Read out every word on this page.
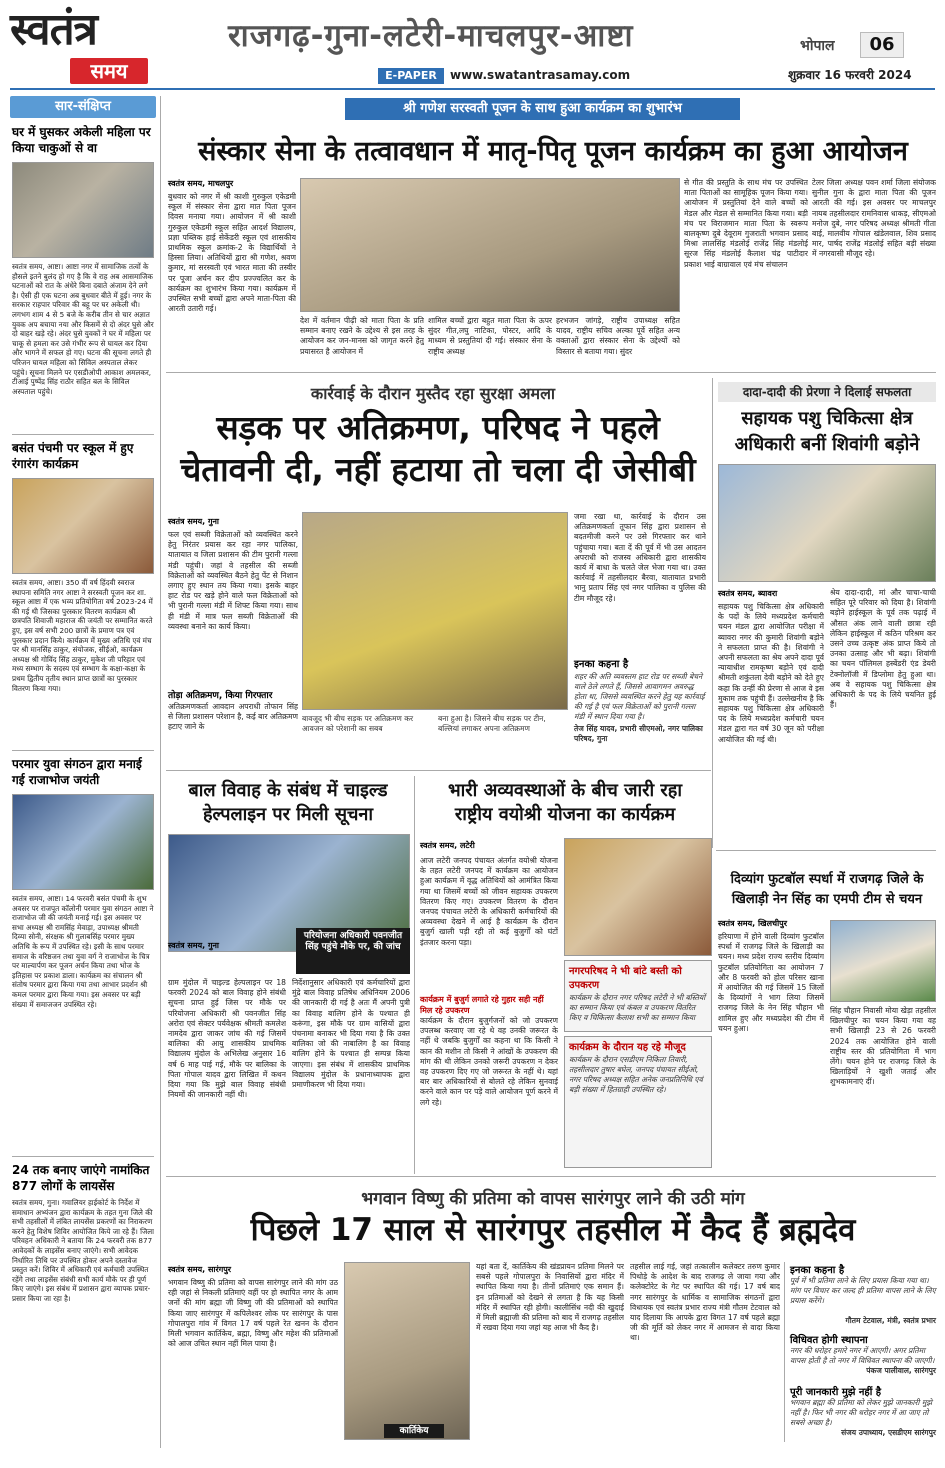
स्वतंत्र
समय
राजगढ़-गुना-लटेरी-माचलपुर-आष्टा
E-PAPER	www.swatantrasamay.com
भोपाल	06
शुक्रवार 16 फरवरी 2024
सार-संक्षिप्त
घर में घुसकर अकेली महिला पर किया चाकुओं से वा
स्वतंत्र समय, आष्टा। आष्टा नगर में सामाजिक तत्वों के हौसले इतने बुलंद हो गए है कि वे राह अब आसमाजिक घटनाओं को रात के अंधेरे बिना दबाते अंजाम देने लगे है। ऐसी ही एक घटना अब बुधवार बीते में हुई। नगर के सरकार राहपार परिवार की बहू पर घर अकेली थी। लगभग शाम 4 से 5 बजे के करीब तीन से चार अज्ञात युवक अप बचाया नया और किसमें से दो अंदर घुसे और दो बाहर खड़े रहे। अंदर घुसे युवकों ने घर में महिला पर चाकू से हमला कर उसे गंभीर रूप से घायल कर दिया और भागने में सफल हो गए। घटना की सूचना लगते ही परिजन घायल महिला को सिविल अस्पताल लेकर पहुंचे। सूचना मिलने पर एसडीओपी आकाश अमलकर, टीआई पुष्पेंद्र सिंह राठौर सहित बल के सिविल अस्पताल पहुंचे।
बसंत पंचमी पर स्कूल में हुए रंगारंग कार्यक्रम
स्वतंत्र समय, आष्टा। 350 वीं वर्ष हिंदवी स्वराज स्थापना समिति नगर आष्टा ने सरस्वती पूजन कर शा. स्कूल आष्टा में एक भव्य प्रतियोगिता वर्ष 2023-24 में की गई थी जिसका पुरस्कार वितरण कार्यक्रम श्री छत्रपति शिवाजी महाराज की जयंती पर सम्मानित करते हुए, इस वर्ष सभी 200 छात्रों के प्रमाण पत्र एवं पुरस्कार प्रदान किये। कार्यक्रम में मुख्य अतिथि एवं मंच पर श्री मानसिंह ठाकुर, संयोजक, सीईओ, कार्यक्रम अध्यक्ष श्री गोविंद सिंह ठाकुर, मुकेश जी परिहार एवं मध्य सम्भाग के सदस्य एवं सम्भाग के कक्षा-कक्षा के प्रथम द्वितीय तृतीय स्थान प्राप्त छात्रों का पुरस्कार वितरण किया गया।
परमार युवा संगठन द्वारा मनाई गई राजाभोज जयंती
स्वतंत्र समय, आष्टा। 14 फरवरी बसंत पंचमी के शुभ अवसर पर राजपूत कॉलोनी परमार युवा संगठन आष्टा ने राजाभोज जी की जयंती मनाई गई। इस अवसर पर सभा अध्यक्ष श्री रामसिंह मेवाड़ा, उपाध्यक्ष श्रीमती दिव्या सोनी, संरक्षक श्री गुलाबसिंह परमार मुख्य अतिथि के रूप में उपस्थित रहे। इसी के साथ परमार समाज के वरिष्ठजन तथा युवा वर्ग ने राजाभोज के चित्र पर माल्यार्पण कर पूजन अर्चन किया तथा भोज के इतिहास पर प्रकाश डाला। कार्यक्रम का संचालन श्री संतोष परमार द्वारा किया गया तथा आभार प्रदर्शन श्री कमल परमार द्वारा किया गया। इस अवसर पर बड़ी संख्या में समाजजन उपस्थित रहे।
24 तक बनाए जाएंगे नामांकित 877 लोगों के लायसेंस
स्वतंत्र समय, गुना। गवालियर हाईकोर्ट के निर्देश में समाधान अभ्यंजन द्वारा कार्यक्रम के तहत गुना जिले की सभी तहसीलों में लंबित लायसेंस प्रकरणों का निराकरण करने हेतु विशेष शिविर आयोजित किये जा रहे हैं। जिला परिवहन अधिकारी ने बताया कि 24 फरवरी तक 877 आवेदकों के लाइसेंस बनाए जाएंगे। सभी आवेदक निर्धारित तिथि पर उपस्थित होकर अपने दस्तावेज प्रस्तुत करें। शिविर में अधिकारी एवं कर्मचारी उपस्थित रहेंगे तथा लाइसेंस संबंधी सभी कार्य मौके पर ही पूर्ण किए जाएंगे। इस संबंध में प्रशासन द्वारा व्यापक प्रचार-प्रसार किया जा रहा है।
श्री गणेश सरस्वती पूजन के साथ हुआ कार्यक्रम का शुभारंभ
संस्कार सेना के तत्वावधान में मातृ-पितृ पूजन कार्यक्रम का हुआ आयोजन
स्वतंत्र समय, माचलपुर
बुधवार को नगर में श्री काशी गुरुकुल एकेडमी स्कूल में संस्कार सेना द्वारा मात पिता पूजन दिवस मनाया गया। आयोजन में श्री काशी गुरुकुल एकेडमी स्कूल सहित आदर्श विद्यालय, प्रज्ञा पब्लिक हाई सेकेंडरी स्कूल एवं शासकीय प्राथमिक स्कूल क्रमांक-2 के विद्यार्थियों ने हिस्सा लिया। अतिथियों द्वारा श्री गणेश, श्रवण कुमार, मां सरस्वती एवं भारत माता की तस्वीर पर पूजा अर्चन कर दीप प्रज्ज्वलित कर के कार्यक्रम का शुभारंभ किया गया। कार्यक्रम में उपस्थित सभी बच्चों द्वारा अपने माता-पिता की आरती उतारी गई।
देश में वर्तमान पीढ़ी को माता पिता के प्रति सम्मान बनाए रखने के उद्देश्य से इस तरह के आयोजन कर जन-मानस को जागृत करने हेतु प्रयासरत है आयोजन में
शामिल बच्चों द्वारा बहुत माता पिता के ऊपर सुंदर गीत,लघु नाटिका, पोस्टर, आदि के माध्यम से प्रस्तुतियां दी गई। संस्कार सेना के राष्ट्रीय अध्यक्ष
हरभजन जांगड़े, राष्ट्रीय उपाध्यक्ष सहित यादव, राष्ट्रीय सचिव अल्का पूर्वे सहित अन्य वक्ताओं द्वारा संस्कार सेना के उद्देश्यों को विस्तार से बताया गया। सुंदर
से गीत की प्रस्तुति के साथ मंच पर उपस्थित माता पिताओं का सामूहिक पूजन किया गया। आयोजन में प्रस्तुतियां देने वाले बच्चों को मेडल और मेडल से सम्मानित किया गया। बड़ी मंच पर विराजमान माता पिता के स्वरूप बालकृष्ण दुबे देवूराम गुजराती भगवान प्रसाद मिश्रा लालसिंह मंडलोई राजेंद्र सिंह मंडलोई सूरज सिंह मंडलोई कैलाश चंद्र पाटीदार प्रकाश भाई बाग्रावाल एवं मंच संचालन
टेलर जिला अध्यक्ष पवन शर्मा जिला संयोजक सुनील गुना के द्वारा माता पिता की पूजन आरती की गई। इस अवसर पर माचलपुर नायब तहसीलदार रामनिवास धाकड़, सीएमओ मनोज दुबे, नगर परिषद अध्यक्ष श्रीमती गीता बाई, मालवीय गोपाल खंडेलवाल, शिव प्रसाद मार, पार्षद राजेंद्र मंडलोई सहित बड़ी संख्या में नगरवासी मौजूद रहे।
कार्रवाई के दौरान मुस्तैद रहा सुरक्षा अमला
सड़क पर अतिक्रमण, परिषद ने पहले
चेतावनी दी, नहीं हटाया तो चला दी जेसीबी
स्वतंत्र समय, गुना
फल एवं सब्जी विक्रेताओं को व्यवस्थित करने हेतु निरंतर प्रयास कर रहा नगर पालिका, यातायात व जिला प्रशासन की टीम पुरानी गल्ला मंडी पहुंची। जहां वे तहसील की सब्जी विक्रेताओं को व्यवस्थित बैठने हेतु पेंट से निशान लगाए हुए स्थान तय किया गया। इसके बाहर हाट रोड पर खड़े होने वाले फल विक्रेताओं को भी पुरानी गल्ला मंडी में शिफ्ट किया गया। साथ ही मंडी में मात्र फल सब्जी विक्रेताओं की व्यवस्था बनाने का कार्य किया।
तोड़ा अतिक्रमण, किया गिरफ्तार
अतिक्रमणकर्ता आवदान अपराधी तोफान सिंह से जिला प्रशासन परेशान है, कई बार अतिक्रमण हटाए जाने के
बावजूद भी बीच सड़क पर अतिक्रमण कर आवजन को परेशानी का सबब
बना हुआ है। जिसने बीच सड़क पर टीन, बल्लियां लगाकर अपना अतिक्रमण
जमा रखा था, कार्रवाई के दौरान उस अतिक्रमणकर्ता तूफान सिंह द्वारा प्रशासन से बदतमीजी करने पर उसे गिरफ्तार कर थाने पहुंचाया गया। बता दें की पूर्व में भी उस आदतन अपराधी को राजस्व अधिकारी द्वारा शासकीय कार्य में बाधा के चलते जेल भेजा गया था। उक्त कार्रवाई में तहसीलदार बैरवा, यातायात प्रभारी भानु प्रताप सिंह एवं नगर पालिका व पुलिस की टीम मौजूद रहे।
इनका कहना है
शहर की अति व्यवस्तम हाट रोड पर सब्जी बेचने वाले ठेले लगते हैं, जिससे आवागमन अवरुद्ध होता था, जिससे व्यवस्थित करने हेतु यह कार्रवाई की गई है एवं फल विक्रेताओं को पुरानी गल्ला मंडी में स्थान दिया गया है।
तेज सिंह यादव, प्रभारी सीएमओ, नगर पालिका परिषद, गुना
दादा-दादी की प्रेरणा ने दिलाई सफलता
सहायक पशु चिकित्सा क्षेत्र
अधिकारी बनीं शिवांगी बड़ोने
स्वतंत्र समय, ब्यावरा
सहायक पशु चिकित्सा क्षेत्र अधिकारी के पदों के लिये मध्यप्रदेश कर्मचारी चयन मंडल द्वारा आयोजित परीक्षा में ब्यावरा नगर की कुमारी शिवांगी बड़ोने ने सफलता प्राप्त की है। शिवांगी ने अपनी सफलता का श्रेय अपने दादा पूर्व न्यायाधीश रामकृष्ण बड़ोने एवं दादी श्रीमती शकुंतला देवी बड़ोने को देते हुए कहा कि उन्हीं की प्रेरणा से आज वे इस मुकाम तक पहुंची हैं। उल्लेखनीय है कि सहायक पशु चिकित्सा क्षेत्र अधिकारी पद के लिये मध्यप्रदेश कर्मचारी चयन मंडल द्वारा गत वर्ष 30 जून को परीक्षा आयोजित की गई थी।
श्रेय दादा-दादी, मां और चाचा-चाची सहित पूरे परिवार को दिया है। शिवांगी बड़ोने हाईस्कूल के पूर्व तक पढ़ाई में औसत अंक लाने वाली छात्रा रही लेकिन हाईस्कूल में कठिन परिश्रम कर उसने उच्च उत्कृष्ट अंक प्राप्त किये तो उनका उत्साह और भी बढ़ा। शिवांगी का चयन पॉलिमल हस्बेंडरी एंड डेयरी टेक्नोलॉजी में डिप्लोमा हेतु हुआ था। अब वे सहायक पशु चिकित्सा क्षेत्र अधिकारी के पद के लिये चयनित हुई हैं।
बाल विवाह के संबंध में चाइल्ड
हेल्पलाइन पर मिली सूचना
परियोजना अधिकारी पवनजीत सिंह पहुंचे मौके पर, की जांच
स्वतंत्र समय, गुना
ग्राम मुंदोल में चाइल्ड हेल्पलाइन पर 18 फरवरी 2024 को बाल विवाह होने संबंधी सूचना प्राप्त हुई जिस पर मौके पर परियोजना अधिकारी श्री पवनजीत सिंह अरोरा एवं सेक्टर पर्यवेक्षक श्रीमती कमलेश नामदेव द्वारा जाकर जांच की गई जिसमें बालिका की आयु शासकीय प्राथमिक विद्यालय मुंदोल के अभिलेख अनुसार 16 वर्ष 6 माह पाई गई, मौके पर बालिका के पिता गोपाल यादव द्वारा लिखित में कथन दिया गया कि मुझे बाल विवाह संबंधी नियमों की जानकारी नहीं थी।
निर्देशानुसार अधिकारी एवं कर्मचारियों द्वारा मुंद्रे बाल विवाह प्रतिषेध अधिनियम 2006 की जानकारी दी गई है अतः मैं अपनी पुत्री का विवाह बालिग होने के पश्चात ही करूंगा, इस मौके पर ग्राम वासियों द्वारा पंचनामा बनाकर भी दिया गया है कि उक्त बालिका जो की नाबालिग है का विवाह बालिग होने के पश्चात ही सम्पन्न किया जाएगा। इस संबंध में शासकीय प्राथमिक विद्यालय मुंदोल के प्रधानाध्यापक द्वारा प्रमाणीकरण भी दिया गया।
भारी अव्यवस्थाओं के बीच जारी रहा
राष्ट्रीय वयोश्री योजना का कार्यक्रम
स्वतंत्र समय, लटेरी
आज लटेरी जनपद पंचायत अंतर्गत वयोश्री योजना के तहत लटेरी जनपद में कार्यक्रम का आयोजन हुआ कार्यक्रम में वृद्ध अतिथियों को आमंत्रित किया गया था जिसमें बच्चों को जीवन सहायक उपकरण वितरण किए गए। उपकरण वितरण के दौरान जनपद पंचायत लटेरी के अधिकारी कर्मचारियों की अव्यवस्था देखने में आई है कार्यक्रम के दौरान बुजुर्ग खाली पड़ी रही तो कई बुजुर्गों को घंटों इंतजार करना पड़ा।
कार्यक्रम में बुजुर्ग लगाते रहे गुहार सही नहीं मिल रहे उपकरण
कार्यक्रम के दौरान बुजुर्गजनों को जो उपकरण उपलब्ध करवाए जा रहे थे वह उनकी जरूरत के नहीं थे जबकि बुजुर्गों का कहना था कि किसी ने कान की मशीन तो किसी ने आंखों के उपकरण की मांग की थी लेकिन उनको जरूरी उपकरण न देकर वह उपकरण दिए गए जो जरूरत के नहीं थे। यहां बार बार अधिकारियों से बोलते रहे लेकिन सुनवाई करने वाले कान पर पड़े वाले आयोजन पूर्ण करने में लगे रहे।
नगरपरिषद ने भी बांटे बस्ती को उपकरण
कार्यक्रम के दौरान नगर परिषद लटेरी ने भी बस्तियों का सम्मान किया एवं कंबल व उपकरण वितरित किए व चिकित्सा कैलाश सभी का सम्मान किया
कार्यक्रम के दौरान यह रहे मौजूद
कार्यक्रम के दौरान एसडीएम निकिता तिवारी, तहसीलदार तुषार बघेल, जनपद पंचायत सीईओ, नगर परिषद अध्यक्ष सहित अनेक जनप्रतिनिधि एवं बड़ी संख्या में हितग्राही उपस्थित रहे।
दिव्यांग फुटबॉल स्पर्धा में राजगढ़ जिले के
खिलाड़ी नेन सिंह का एमपी टीम से चयन
स्वतंत्र समय, खिलचीपुर
हरियाणा में होने वाली दिव्यांग फुटबॉल स्पर्धा में राजगढ़ जिले के खिलाड़ी का चयन। मध्य प्रदेश राज्य स्तरीय दिव्यांग फुटबॉल प्रतियोगिता का आयोजन 7 और 8 फरवरी को होल परिसर खाना में आयोजित की गई जिसमें 15 जिलों के दिव्यांगों ने भाग लिया जिसमें राजगढ़ जिले के नेन सिंह चौहान भी शामिल हुए और मध्यप्रदेश की टीम में चयन हुआ।
सिंह चौहान निवासी मोया खेड़ा तहसील खिलचीपुर का चयन किया गया वह सभी खिलाड़ी 23 से 26 फरवरी 2024 तक आयोजित होने वाली राष्ट्रीय स्तर की प्रतियोगिता में भाग लेंगे। चयन होने पर राजगढ़ जिले के खिलाड़ियों ने खुशी जताई और शुभकामनाएं दीं।
भगवान विष्णु की प्रतिमा को वापस सारंगपुर लाने की उठी मांग
पिछले 17 साल से सारंगपुर तहसील में कैद हैं ब्रह्मदेव
स्वतंत्र समय, सारंगपुर
भगवान विष्णु की प्रतिमा को वापस सारंगपुर लाने की मांग उठ रही जहां से निकली प्रतिमाएं वहीं पर हो स्थापित नगर के आम जनों की मांग ब्रह्मा जी विष्णु जी की प्रतिमाओं को स्थापित किया जाए सारंगपुर में कपिलेश्वर लोक पर सारंगपुर के पास गोपालपुरा गांव में विगत 17 वर्ष पहले रेत खनन के दौरान मिली भगवान कार्तिकेय, ब्रह्मा, विष्णु और महेश की प्रतिमाओं को आज उचित स्थान नहीं मिल पाया है।
कार्तिकेय
यहां बता दें, कार्तिकेय की खंडप्रायन प्रतिमा मिलने पर सबसे पहले गोपालपुरा के निवासियों द्वारा मंदिर में स्थापित किया गया है। तीनों प्रतिमाएं एक समान हैं। इन प्रतिमाओं को देखने से लगता है कि यह किसी मंदिर में स्थापित रही होगी। कालीसिंध नदी की खुदाई में मिली ब्रह्माजी की प्रतिमा को बाद में राजगढ़ तहसील में रखवा दिया गया जहां यह आज भी कैद है।
तहसील लाई गई, जहां तत्कालीन कलेक्टर तरुण कुमार पिथोड़े के आदेश के बाद राजगढ़ ले जाया गया और कलेक्टोरेट के गेट पर स्थापित की गई। 17 वर्ष बाद नगर सारंगपुर के धार्मिक व सामाजिक संगठनों द्वारा विधायक एवं स्वतंत्र प्रभार राज्य मंत्री गौतम टेटवाल को याद दिलाया कि आपके द्वारा विगत 17 वर्ष पहले ब्रह्मा जी की मूर्ति को लेकर नगर में आमजन से वादा किया था।
इनका कहना है
पूर्व में भी प्रतिमा लाने के लिए प्रयास किया गया था। मांग पर विचार कर जल्द ही प्रतिमा वापस लाने के लिए प्रयास करेंगे।
गौतम टेटवाल, मंत्री, स्वतंत्र प्रभार
विधिवत होगी स्थापना
नगर की धरोहर हमारे नगर में आएगी। अगर प्रतिमा वापस होती है तो नगर में विधिवत स्थापना की जाएगी।
पंकज पालीवाल, सारंगपुर
पूरी जानकारी मुझे नहीं है
भगवान ब्रह्मा की प्रतिमा को लेकर मुझे जानकारी मुझे नहीं है। फिर भी नगर की धरोहर नगर में आ जाए तो सबसे अच्छा है।
संजय उपाध्याय, एसडीएम सारंगपुर
